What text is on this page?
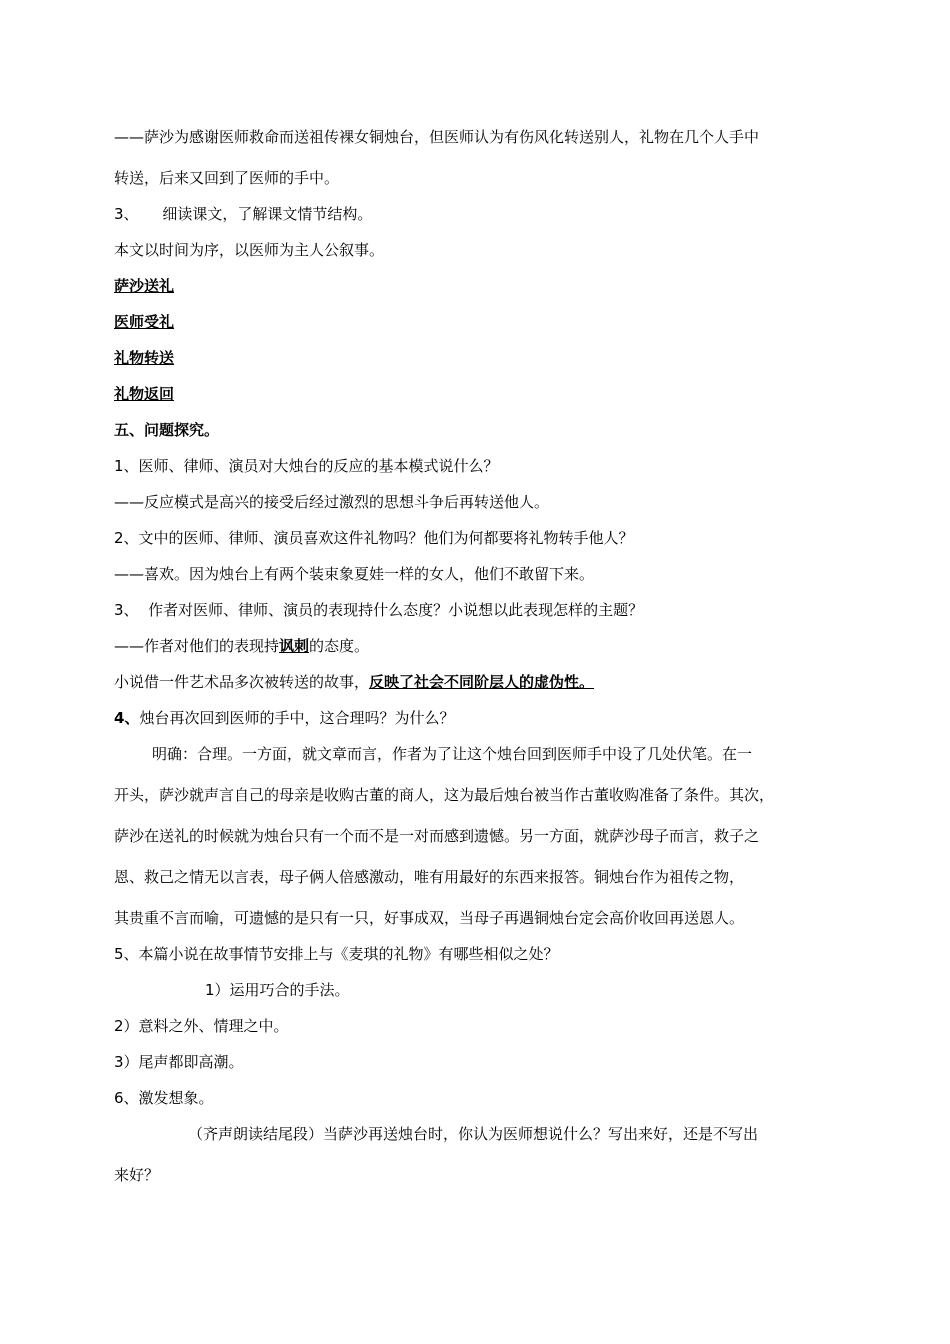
——萨沙为感谢医师救命而送祖传裸女铜烛台，但医师认为有伤风化转送别人，礼物在几个人手中
转送，后来又回到了医师的手中。
3、     细读课文，了解课文情节结构。
本文以时间为序，以医师为主人公叙事。
萨沙送礼
医师受礼
礼物转送
礼物返回
五、问题探究。
1、医师、律师、演员对大烛台的反应的基本模式说什么？
——反应模式是高兴的接受后经过激烈的思想斗争后再转送他人。
2、文中的医师、律师、演员喜欢这件礼物吗？他们为何都要将礼物转手他人？
——喜欢。因为烛台上有两个装束象夏娃一样的女人，他们不敢留下来。
3、  作者对医师、律师、演员的表现持什么态度？小说想以此表现怎样的主题？
——作者对他们的表现持讽刺的态度。
小说借一件艺术品多次被转送的故事，反映了社会不同阶层人的虚伪性。
4、烛台再次回到医师的手中，这合理吗？为什么？
明确：合理。一方面，就文章而言，作者为了让这个烛台回到医师手中设了几处伏笔。在一
开头，萨沙就声言自己的母亲是收购古董的商人，这为最后烛台被当作古董收购准备了条件。其次，
萨沙在送礼的时候就为烛台只有一个而不是一对而感到遗憾。另一方面，就萨沙母子而言，救子之
恩、救己之情无以言表，母子俩人倍感激动，唯有用最好的东西来报答。铜烛台作为祖传之物，
其贵重不言而喻，可遗憾的是只有一只，好事成双，当母子再遇铜烛台定会高价收回再送恩人。
5、本篇小说在故事情节安排上与《麦琪的礼物》有哪些相似之处？
1）运用巧合的手法。
2）意料之外、情理之中。
3）尾声都即高潮。
6、激发想象。
（齐声朗读结尾段）当萨沙再送烛台时，你认为医师想说什么？写出来好，还是不写出
来好？
